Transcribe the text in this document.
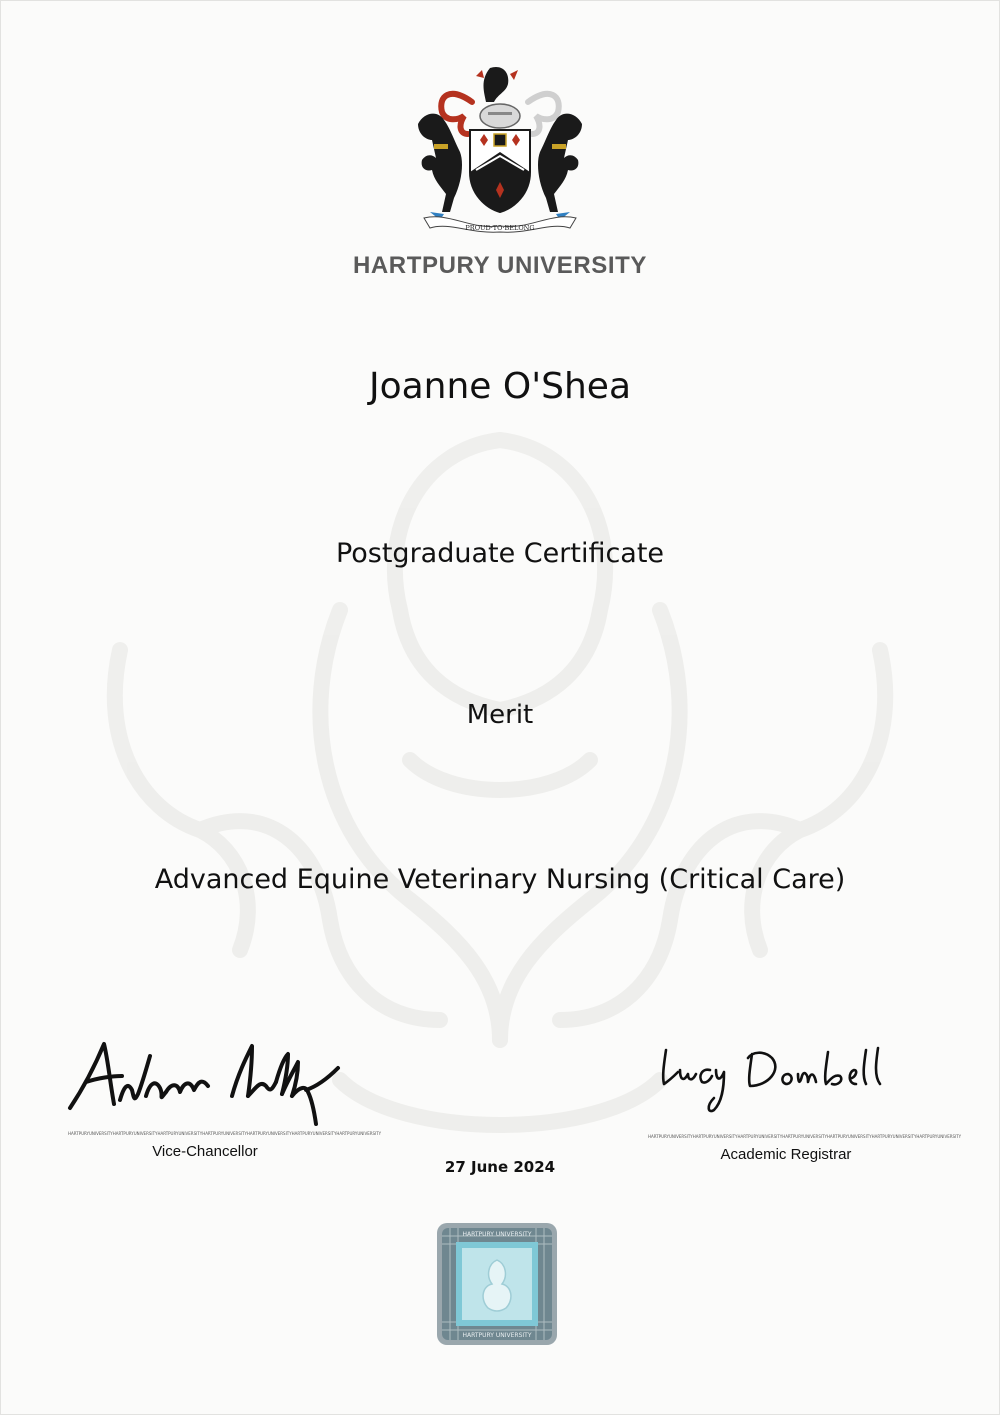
PROUD·TO·BELONG
HARTPURY UNIVERSITY
Joanne O'Shea
Postgraduate Certificate
Merit
Advanced Equine Veterinary Nursing (Critical Care)
HARTPURYUNIVERSITYHARTPURYUNIVERSITYHARTPURYUNIVERSITYHARTPURYUNIVERSITYHARTPURYUNIVERSITYHARTPURYUNIVERSITYHARTPURYUNIVERSITY
HARTPURYUNIVERSITYHARTPURYUNIVERSITYHARTPURYUNIVERSITYHARTPURYUNIVERSITYHARTPURYUNIVERSITYHARTPURYUNIVERSITYHARTPURYUNIVERSITY
Vice-Chancellor	Academic Registrar
27 June 2024
HARTPURY UNIVERSITY
HARTPURY UNIVERSITY
